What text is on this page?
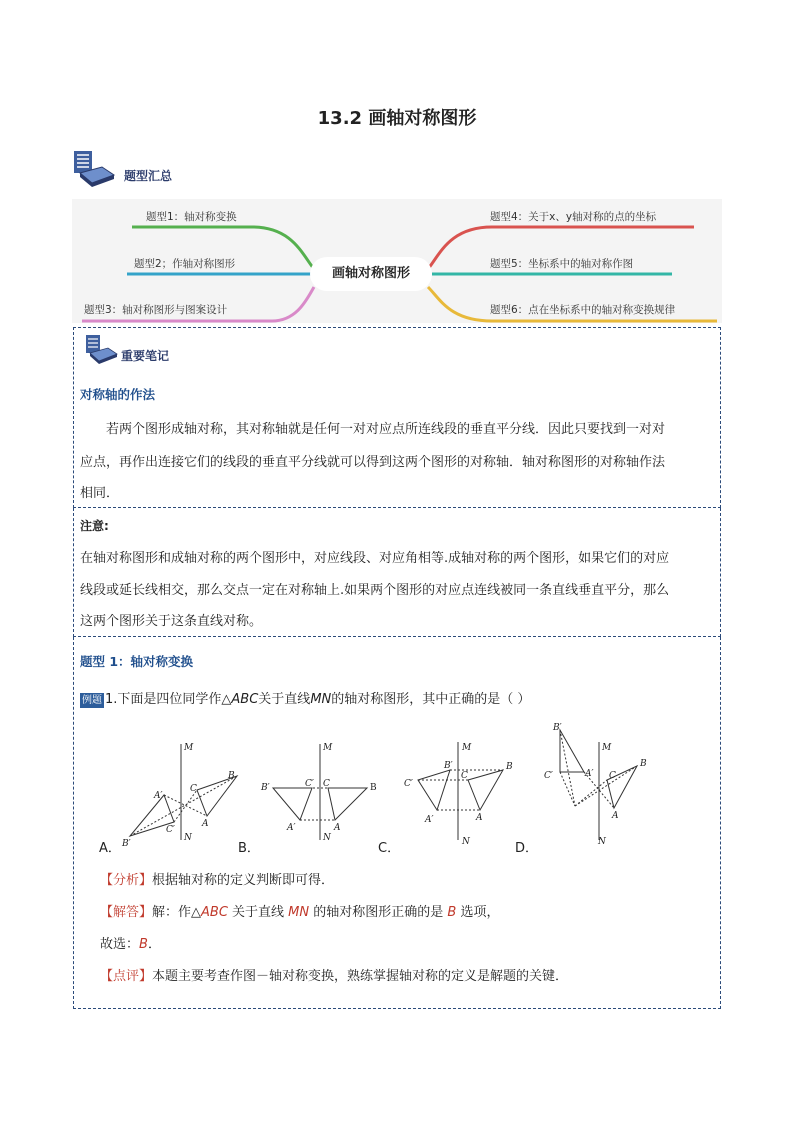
13.2 画轴对称图形
题型汇总
题型1：轴对称变换
题型2；作轴对称图形
题型3：轴对称图形与图案设计
题型4：关于x、y轴对称的点的坐标
题型5：坐标系中的轴对称作图
题型6：点在坐标系中的轴对称变换规律
画轴对称图形
重要笔记
对称轴的作法
若两个图形成轴对称，其对称轴就是任何一对对应点所连线段的垂直平分线．因此只要找到一对对
应点，再作出连接它们的线段的垂直平分线就可以得到这两个图形的对称轴．轴对称图形的对称轴作法
相同．
注意:
在轴对称图形和成轴对称的两个图形中，对应线段、对应角相等.成轴对称的两个图形，如果它们的对应
线段或延长线相交，那么交点一定在对称轴上.如果两个图形的对应点连线被同一条直线垂直平分，那么
这两个图形关于这条直线对称。
题型 1：轴对称变换
例题 1.下面是四位同学作△ABC关于直线MN的轴对称图形，其中正确的是（ ）
M
N
C
B
A
A′
B′
C′
M
N
C	B
A
B′	C′
A′
M
N
C
B
A
B′
C′
A′
M
N
B′
C′	A′ C
B
A
A．	B．	C．	D．
【分析】根据轴对称的定义判断即可得．
【解答】解：作△ABC 关于直线 MN 的轴对称图形正确的是 B 选项，
故选：B．
【点评】本题主要考查作图－轴对称变换，熟练掌握轴对称的定义是解题的关键．
